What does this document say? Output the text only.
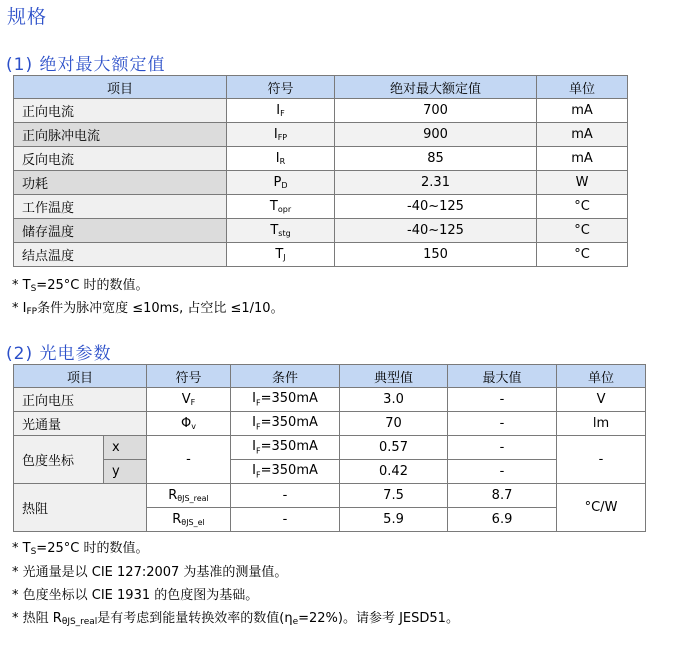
规格
(1) 绝对最大额定值
项目	符号	绝对最大额定值	单位
正向电流	$I_F$	700	mA
正向脉冲电流	$I_{FP}$	900	mA
反向电流	$I_R$	85	mA
功耗	$P_D$	2.31	W
工作温度	$T_{opr}$	-40~125	°C
储存温度	$T_{stg}$	-40~125	°C
结点温度	$T_J$	150	°C
* $T_S=25^\circ C$ 时的数值。
* $I_{FP}$条件为脉冲宽度 ≤10ms, 占空比 ≤1/10。
(2) 光电参数
项目		符号	条件	典型值	最大值	单位
正向电压		$V_F$	$I_F=350mA$	3.0	-	V
光通量		$\Phi_v$	$I_F=350mA$	70	-	lm
色度坐标	x	-	$I_F=350mA$	0.57	-	-
	y		$I_F=350mA$	0.42	-	
热阻		$R_{\theta JS\_real}$	-	7.5	8.7	°C/W
		$R_{\theta JS\_el}$	-	5.9	6.9	
* $T_S=25^\circ C$ 时的数值。
* 光通量是以 CIE 127:2007 为基准的测量值。
* 色度坐标以 CIE 1931 的色度图为基础。
* 热阻 $R_{\theta JS\_real}$是有考虑到能量转换效率的数值$(\eta_e=22\%)$。请参考 JESD51。
